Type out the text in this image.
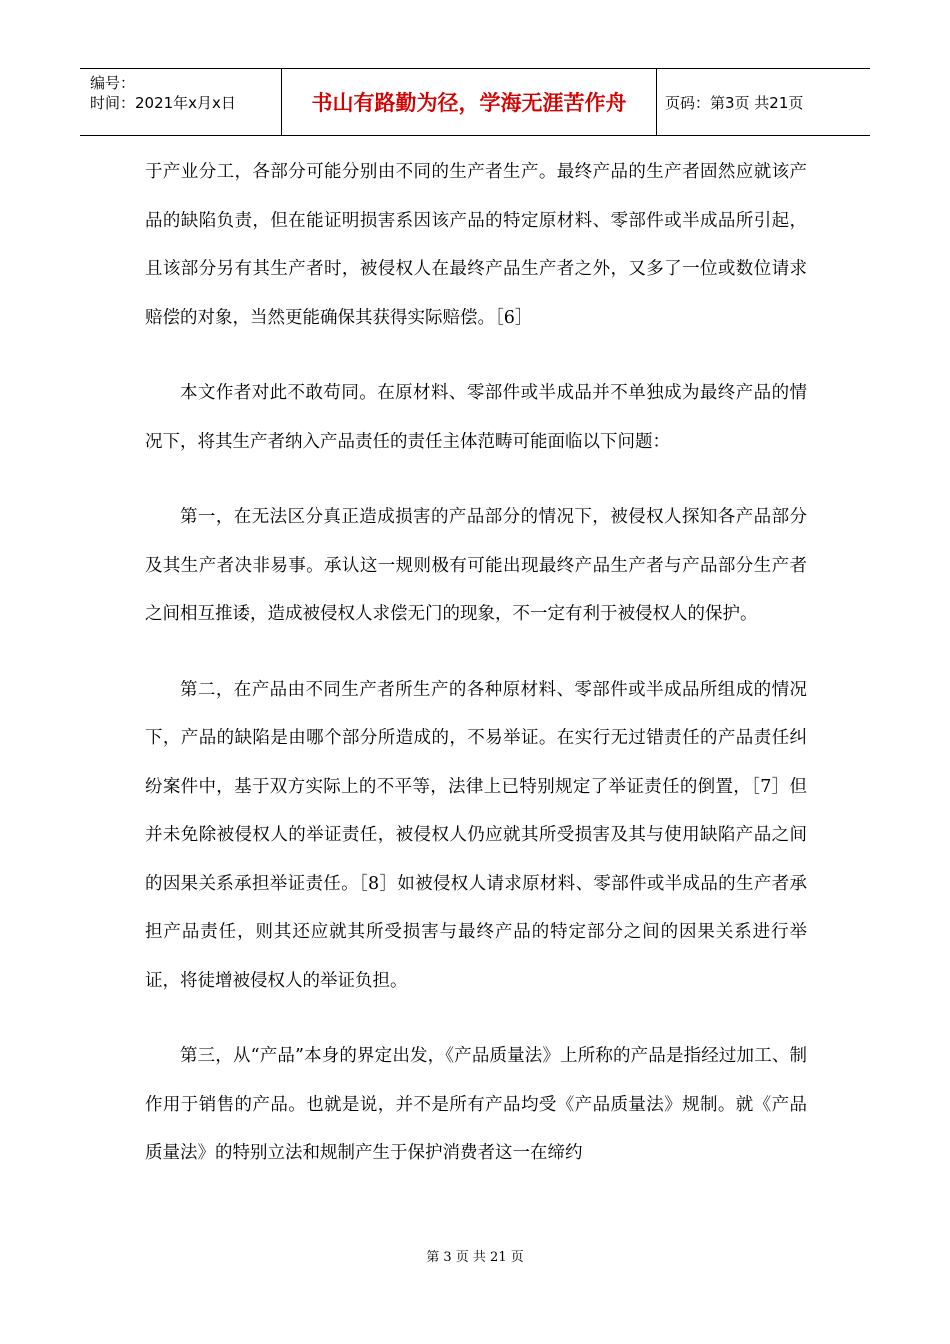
编号：
时间：2021年x月x日	书山有路勤为径，学海无涯苦作舟	页码：第3页 共21页

于产业分工，各部分可能分别由不同的生产者生产。最终产品的生产者固然应就该产品的缺陷负责，但在能证明损害系因该产品的特定原材料、零部件或半成品所引起，且该部分另有其生产者时，被侵权人在最终产品生产者之外，又多了一位或数位请求赔偿的对象，当然更能确保其获得实际赔偿。［6］

本文作者对此不敢苟同。在原材料、零部件或半成品并不单独成为最终产品的情况下，将其生产者纳入产品责任的责任主体范畴可能面临以下问题：

第一，在无法区分真正造成损害的产品部分的情况下，被侵权人探知各产品部分及其生产者决非易事。承认这一规则极有可能出现最终产品生产者与产品部分生产者之间相互推诿，造成被侵权人求偿无门的现象，不一定有利于被侵权人的保护。

第二，在产品由不同生产者所生产的各种原材料、零部件或半成品所组成的情况下，产品的缺陷是由哪个部分所造成的，不易举证。在实行无过错责任的产品责任纠纷案件中，基于双方实际上的不平等，法律上已特别规定了举证责任的倒置，［7］但并未免除被侵权人的举证责任，被侵权人仍应就其所受损害及其与使用缺陷产品之间的因果关系承担举证责任。［8］如被侵权人请求原材料、零部件或半成品的生产者承担产品责任，则其还应就其所受损害与最终产品的特定部分之间的因果关系进行举证，将徒增被侵权人的举证负担。

第三，从“产品”本身的界定出发，《产品质量法》上所称的产品是指经过加工、制作用于销售的产品。也就是说，并不是所有产品均受《产品质量法》规制。就《产品质量法》的特别立法和规制产生于保护消费者这一在缔约

第 3 页 共 21 页
